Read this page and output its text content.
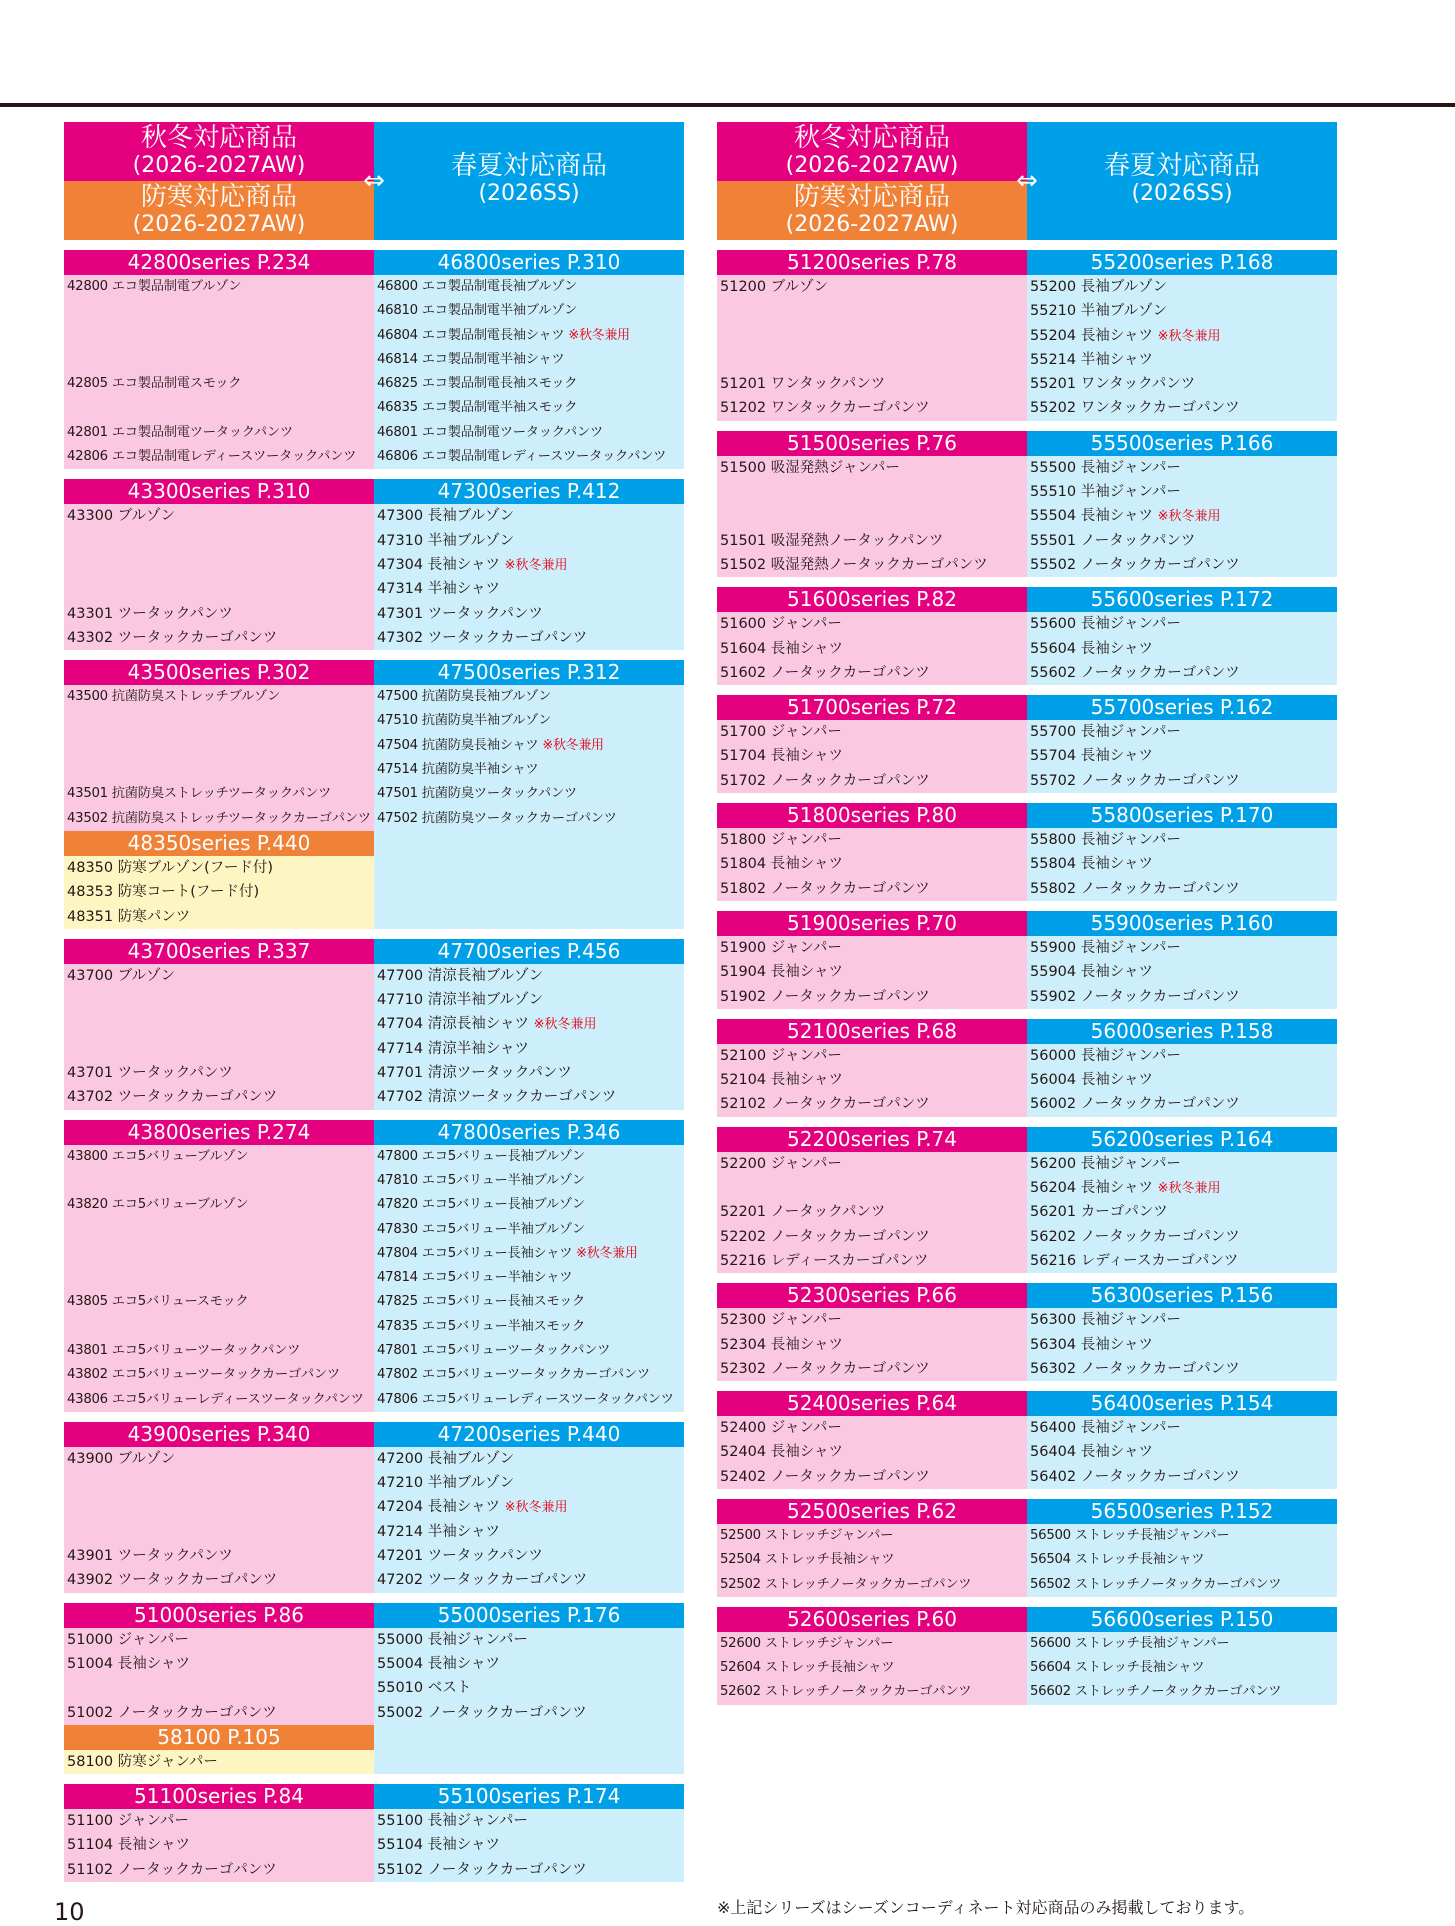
秋冬対応商品
(2026-2027AW)
防寒対応商品
(2026-2027AW)
春夏対応商品
(2026SS)
⇔
42800series P.234
42800 エコ製品制電ブルゾン
42805 エコ製品制電スモック
42801 エコ製品制電ツータックパンツ
42806 エコ製品制電レディースツータックパンツ
46800series P.310
46800 エコ製品制電長袖ブルゾン
46810 エコ製品制電半袖ブルゾン
46804 エコ製品制電長袖シャツ ※秋冬兼用
46814 エコ製品制電半袖シャツ
46825 エコ製品制電長袖スモック
46835 エコ製品制電半袖スモック
46801 エコ製品制電ツータックパンツ
46806 エコ製品制電レディースツータックパンツ
43300series P.310
43300 ブルゾン
43301 ツータックパンツ
43302 ツータックカーゴパンツ
47300series P.412
47300 長袖ブルゾン
47310 半袖ブルゾン
47304 長袖シャツ ※秋冬兼用
47314 半袖シャツ
47301 ツータックパンツ
47302 ツータックカーゴパンツ
43500series P.302
43500 抗菌防臭ストレッチブルゾン
43501 抗菌防臭ストレッチツータックパンツ
43502 抗菌防臭ストレッチツータックカーゴパンツ
48350series P.440
48350 防寒ブルゾン(フード付)
48353 防寒コート(フード付)
48351 防寒パンツ
47500series P.312
47500 抗菌防臭長袖ブルゾン
47510 抗菌防臭半袖ブルゾン
47504 抗菌防臭長袖シャツ ※秋冬兼用
47514 抗菌防臭半袖シャツ
47501 抗菌防臭ツータックパンツ
47502 抗菌防臭ツータックカーゴパンツ
43700series P.337
43700 ブルゾン
43701 ツータックパンツ
43702 ツータックカーゴパンツ
47700series P.456
47700 清涼長袖ブルゾン
47710 清涼半袖ブルゾン
47704 清涼長袖シャツ ※秋冬兼用
47714 清涼半袖シャツ
47701 清涼ツータックパンツ
47702 清涼ツータックカーゴパンツ
43800series P.274
43800 エコ5バリューブルゾン
43820 エコ5バリューブルゾン
43805 エコ5バリュースモック
43801 エコ5バリューツータックパンツ
43802 エコ5バリューツータックカーゴパンツ
43806 エコ5バリューレディースツータックパンツ
47800series P.346
47800 エコ5バリュー長袖ブルゾン
47810 エコ5バリュー半袖ブルゾン
47820 エコ5バリュー長袖ブルゾン
47830 エコ5バリュー半袖ブルゾン
47804 エコ5バリュー長袖シャツ ※秋冬兼用
47814 エコ5バリュー半袖シャツ
47825 エコ5バリュー長袖スモック
47835 エコ5バリュー半袖スモック
47801 エコ5バリューツータックパンツ
47802 エコ5バリューツータックカーゴパンツ
47806 エコ5バリューレディースツータックパンツ
43900series P.340
43900 ブルゾン
43901 ツータックパンツ
43902 ツータックカーゴパンツ
47200series P.440
47200 長袖ブルゾン
47210 半袖ブルゾン
47204 長袖シャツ ※秋冬兼用
47214 半袖シャツ
47201 ツータックパンツ
47202 ツータックカーゴパンツ
51000series P.86
51000 ジャンパー
51004 長袖シャツ
51002 ノータックカーゴパンツ
58100 P.105
58100 防寒ジャンパー
55000series P.176
55000 長袖ジャンパー
55004 長袖シャツ
55010 ベスト
55002 ノータックカーゴパンツ
51100series P.84
51100 ジャンパー
51104 長袖シャツ
51102 ノータックカーゴパンツ
55100series P.174
55100 長袖ジャンパー
55104 長袖シャツ
55102 ノータックカーゴパンツ
秋冬対応商品
(2026-2027AW)
防寒対応商品
(2026-2027AW)
春夏対応商品
(2026SS)
⇔
51200series P.78
51200 ブルゾン
51201 ワンタックパンツ
51202 ワンタックカーゴパンツ
55200series P.168
55200 長袖ブルゾン
55210 半袖ブルゾン
55204 長袖シャツ ※秋冬兼用
55214 半袖シャツ
55201 ワンタックパンツ
55202 ワンタックカーゴパンツ
51500series P.76
51500 吸湿発熱ジャンパー
51501 吸湿発熱ノータックパンツ
51502 吸湿発熱ノータックカーゴパンツ
55500series P.166
55500 長袖ジャンパー
55510 半袖ジャンパー
55504 長袖シャツ ※秋冬兼用
55501 ノータックパンツ
55502 ノータックカーゴパンツ
51600series P.82
51600 ジャンパー
51604 長袖シャツ
51602 ノータックカーゴパンツ
55600series P.172
55600 長袖ジャンパー
55604 長袖シャツ
55602 ノータックカーゴパンツ
51700series P.72
51700 ジャンパー
51704 長袖シャツ
51702 ノータックカーゴパンツ
55700series P.162
55700 長袖ジャンパー
55704 長袖シャツ
55702 ノータックカーゴパンツ
51800series P.80
51800 ジャンパー
51804 長袖シャツ
51802 ノータックカーゴパンツ
55800series P.170
55800 長袖ジャンパー
55804 長袖シャツ
55802 ノータックカーゴパンツ
51900series P.70
51900 ジャンパー
51904 長袖シャツ
51902 ノータックカーゴパンツ
55900series P.160
55900 長袖ジャンパー
55904 長袖シャツ
55902 ノータックカーゴパンツ
52100series P.68
52100 ジャンパー
52104 長袖シャツ
52102 ノータックカーゴパンツ
56000series P.158
56000 長袖ジャンパー
56004 長袖シャツ
56002 ノータックカーゴパンツ
52200series P.74
52200 ジャンパー
52201 ノータックパンツ
52202 ノータックカーゴパンツ
52216 レディースカーゴパンツ
56200series P.164
56200 長袖ジャンパー
56204 長袖シャツ ※秋冬兼用
56201 カーゴパンツ
56202 ノータックカーゴパンツ
56216 レディースカーゴパンツ
52300series P.66
52300 ジャンパー
52304 長袖シャツ
52302 ノータックカーゴパンツ
56300series P.156
56300 長袖ジャンパー
56304 長袖シャツ
56302 ノータックカーゴパンツ
52400series P.64
52400 ジャンパー
52404 長袖シャツ
52402 ノータックカーゴパンツ
56400series P.154
56400 長袖ジャンパー
56404 長袖シャツ
56402 ノータックカーゴパンツ
52500series P.62
52500 ストレッチジャンパー
52504 ストレッチ長袖シャツ
52502 ストレッチノータックカーゴパンツ
56500series P.152
56500 ストレッチ長袖ジャンパー
56504 ストレッチ長袖シャツ
56502 ストレッチノータックカーゴパンツ
52600series P.60
52600 ストレッチジャンパー
52604 ストレッチ長袖シャツ
52602 ストレッチノータックカーゴパンツ
56600series P.150
56600 ストレッチ長袖ジャンパー
56604 ストレッチ長袖シャツ
56602 ストレッチノータックカーゴパンツ
10	※上記シリーズはシーズンコーディネート対応商品のみ掲載しております。
